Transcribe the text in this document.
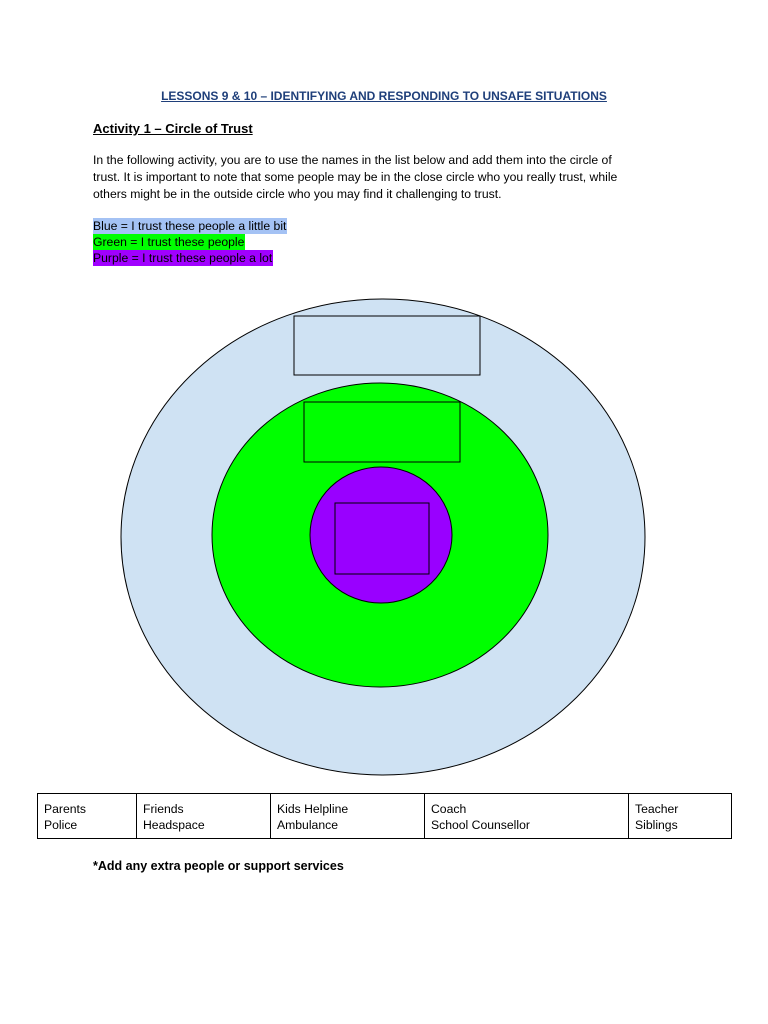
LESSONS 9 & 10 – IDENTIFYING AND RESPONDING TO UNSAFE SITUATIONS
Activity 1 – Circle of Trust
In the following activity, you are to use the names in the list below and add them into the circle of
trust. It is important to note that some people may be in the close circle who you really trust, while
others might be in the outside circle who you may find it challenging to trust.
Blue = I trust these people a little bit
Green = I trust these people
Purple = I trust these people a lot
Parents
Police

Friends
Headspace

Kids Helpline
Ambulance

Coach
School Counsellor

Teacher
Siblings
*Add any extra people or support services
